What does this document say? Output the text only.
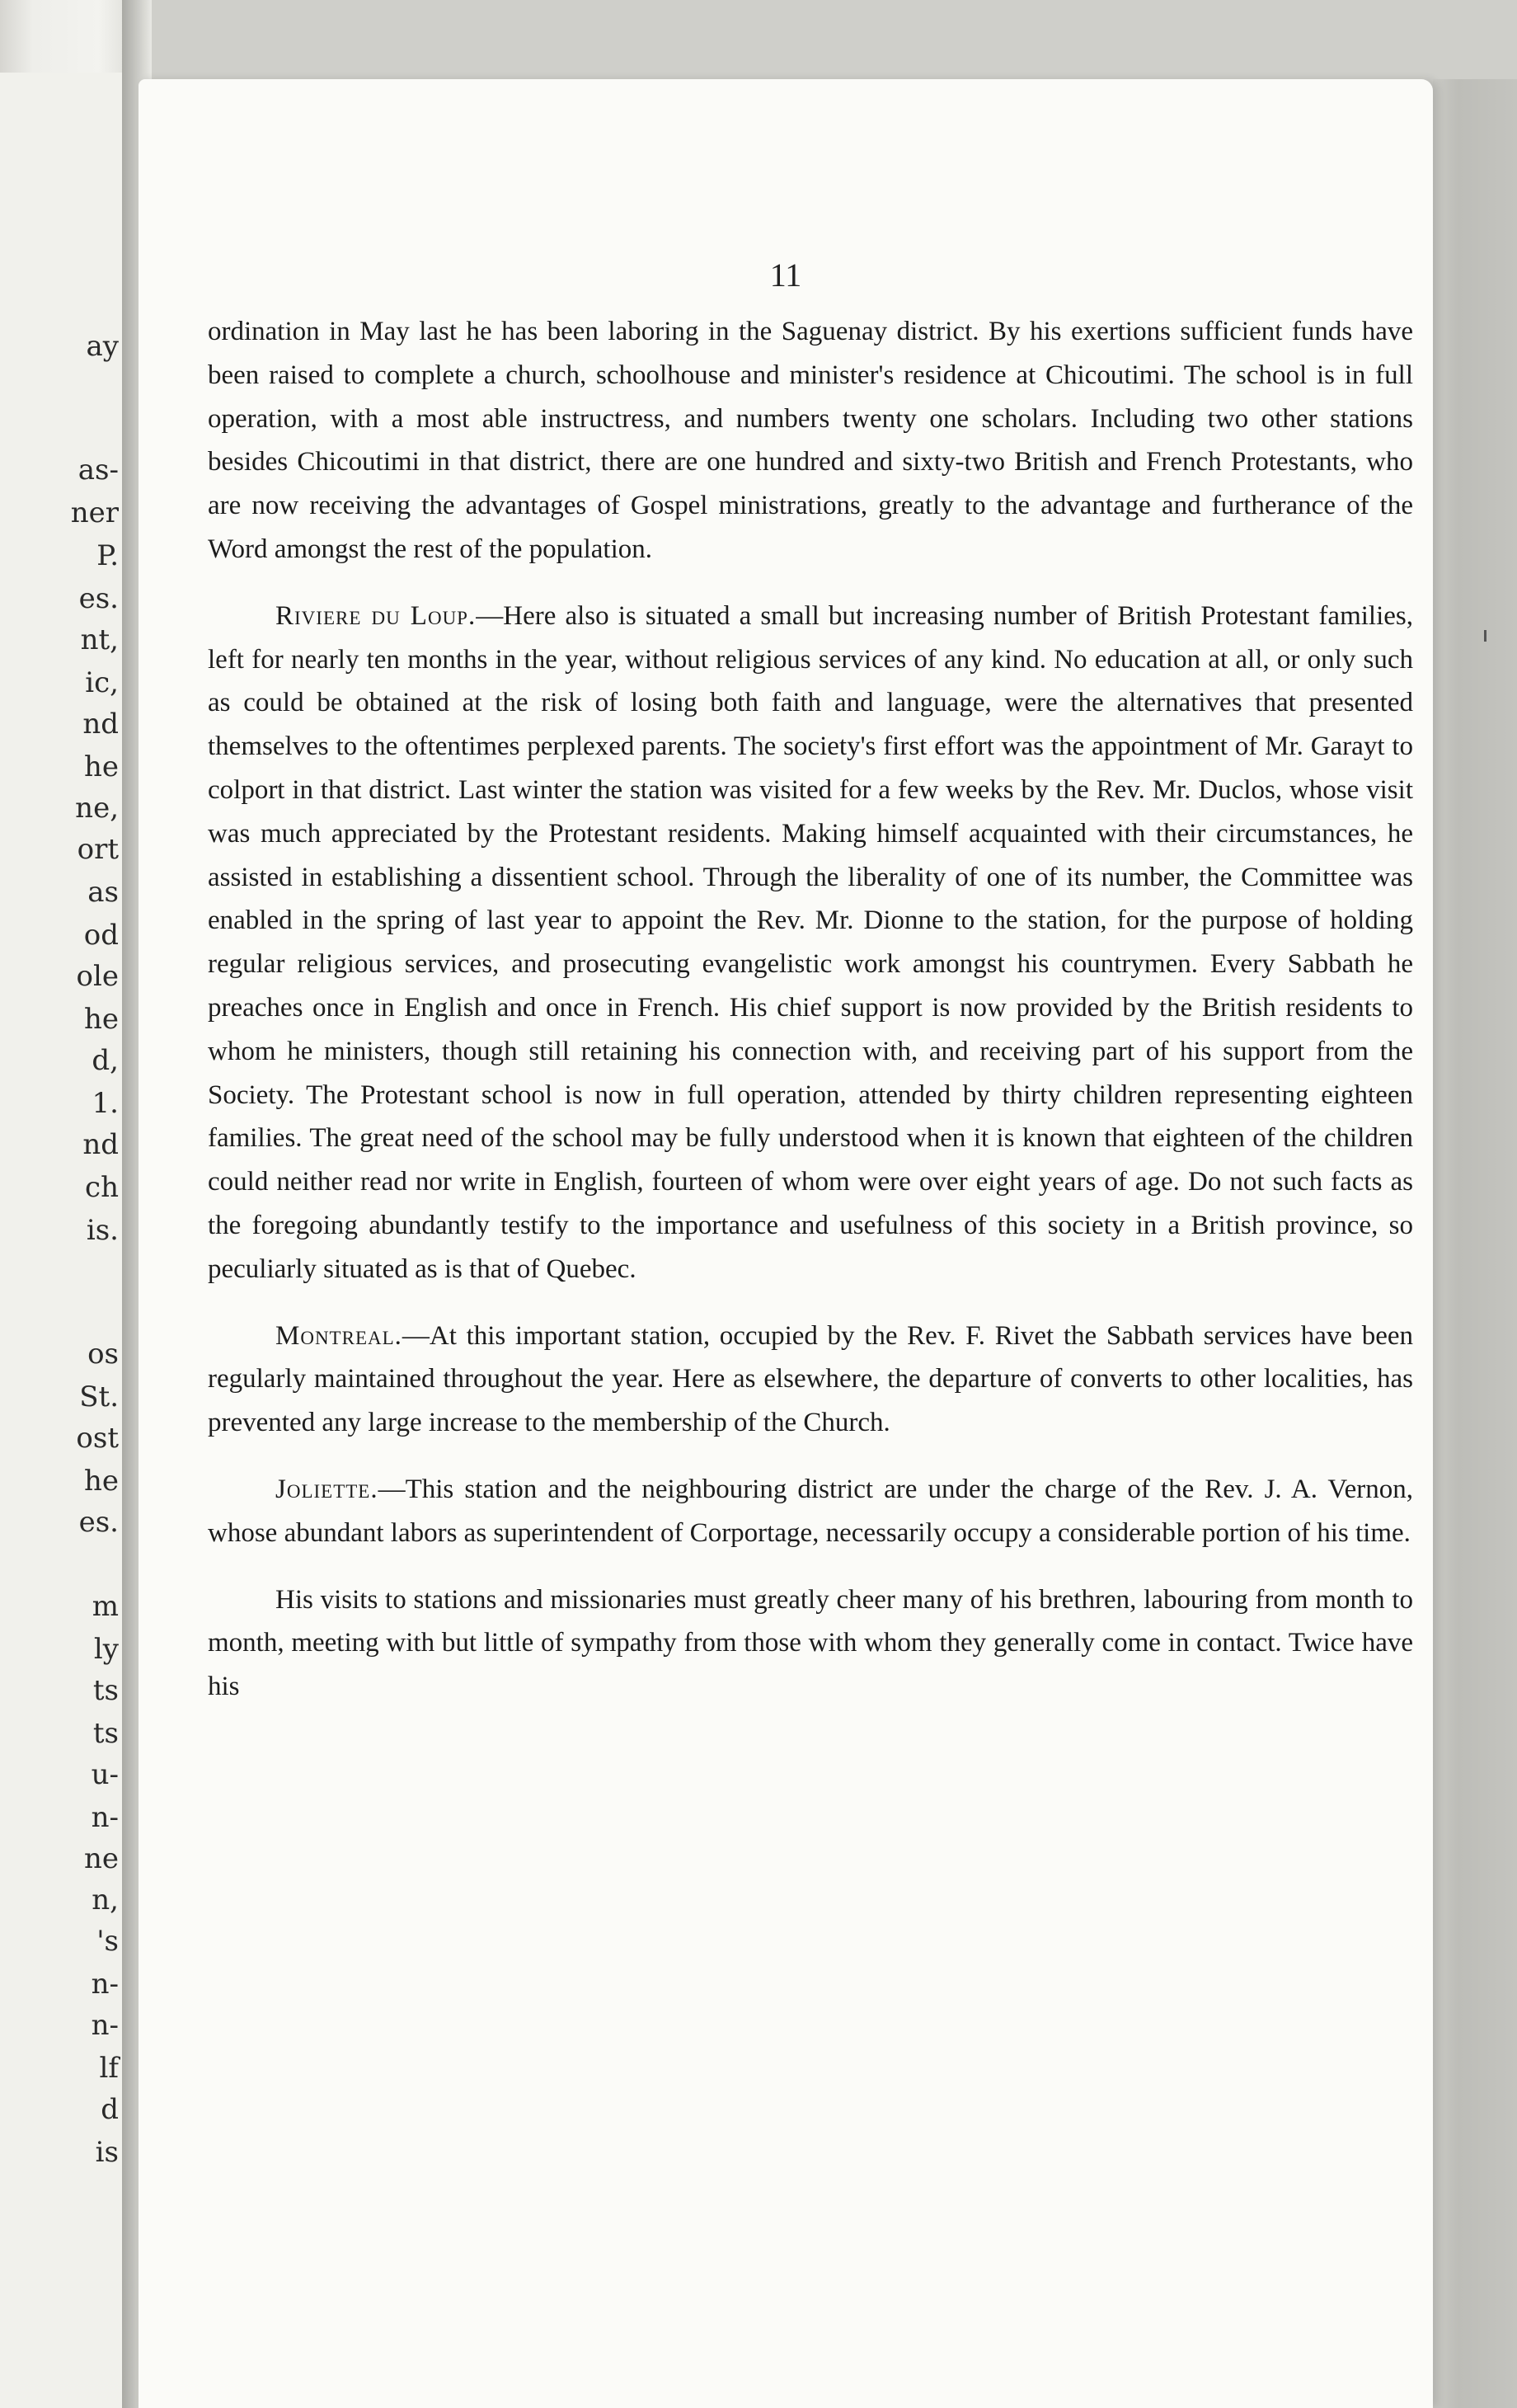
ay
as-
ner
P.
es.
nt,
ic,
nd
he
ne,
ort
as
od
ole
he
d,
1.
nd
ch
is.
os
St.
ost
he
es.
m
ly
ts
ts
u-
n-
ne
n,
's
n-
n-
lf
d
is
11

ordination in May last he has been laboring in the Saguenay district. By his exertions sufficient funds have been raised to complete a church, schoolhouse and minister's residence at Chicoutimi. The school is in full operation, with a most able instructress, and numbers twenty one scholars. Including two other stations besides Chicoutimi in that district, there are one hundred and sixty-two British and French Protestants, who are now receiving the advantages of Gospel ministrations, greatly to the advantage and furtherance of the Word amongst the rest of the population.

Riviere du Loup.—Here also is situated a small but increasing number of British Protestant families, left for nearly ten months in the year, without religious services of any kind. No education at all, or only such as could be obtained at the risk of losing both faith and language, were the alternatives that presented themselves to the oftentimes perplexed parents. The society's first effort was the appointment of Mr. Garayt to colport in that district. Last winter the station was visited for a few weeks by the Rev. Mr. Duclos, whose visit was much appreciated by the Protestant residents. Making himself acquainted with their circumstances, he assisted in establishing a dissentient school. Through the liberality of one of its number, the Committee was enabled in the spring of last year to appoint the Rev. Mr. Dionne to the station, for the purpose of holding regular religious services, and prosecuting evangelistic work amongst his countrymen. Every Sabbath he preaches once in English and once in French. His chief support is now provided by the British residents to whom he ministers, though still retaining his connection with, and receiving part of his support from the Society. The Protestant school is now in full operation, attended by thirty children representing eighteen families. The great need of the school may be fully understood when it is known that eighteen of the children could neither read nor write in English, fourteen of whom were over eight years of age. Do not such facts as the foregoing abundantly testify to the importance and usefulness of this society in a British province, so peculiarly situated as is that of Quebec.

Montreal.—At this important station, occupied by the Rev. F. Rivet the Sabbath services have been regularly maintained throughout the year. Here as elsewhere, the departure of converts to other localities, has prevented any large increase to the membership of the Church.

Joliette.—This station and the neighbouring district are under the charge of the Rev. J. A. Vernon, whose abundant labors as superintendent of Corportage, necessarily occupy a considerable portion of his time.

His visits to stations and missionaries must greatly cheer many of his brethren, labouring from month to month, meeting with but little of sympathy from those with whom they generally come in contact. Twice have his
